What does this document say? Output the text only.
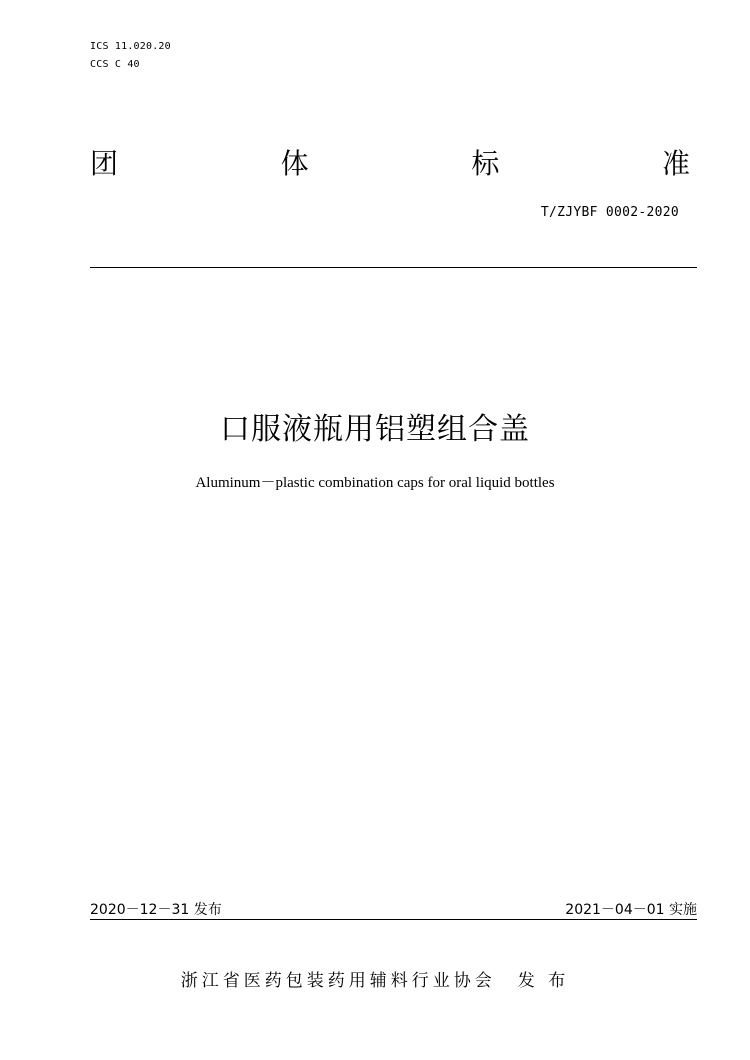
ICS 11.020.20
CCS C 40
团	体	标	准
T/ZJYBF 0002-2020
口服液瓶用铝塑组合盖
Aluminum－plastic combination caps for oral liquid bottles
2020－12－31 发布	2021－04－01 实施
浙江省医药包装药用辅料行业协会 发 布
